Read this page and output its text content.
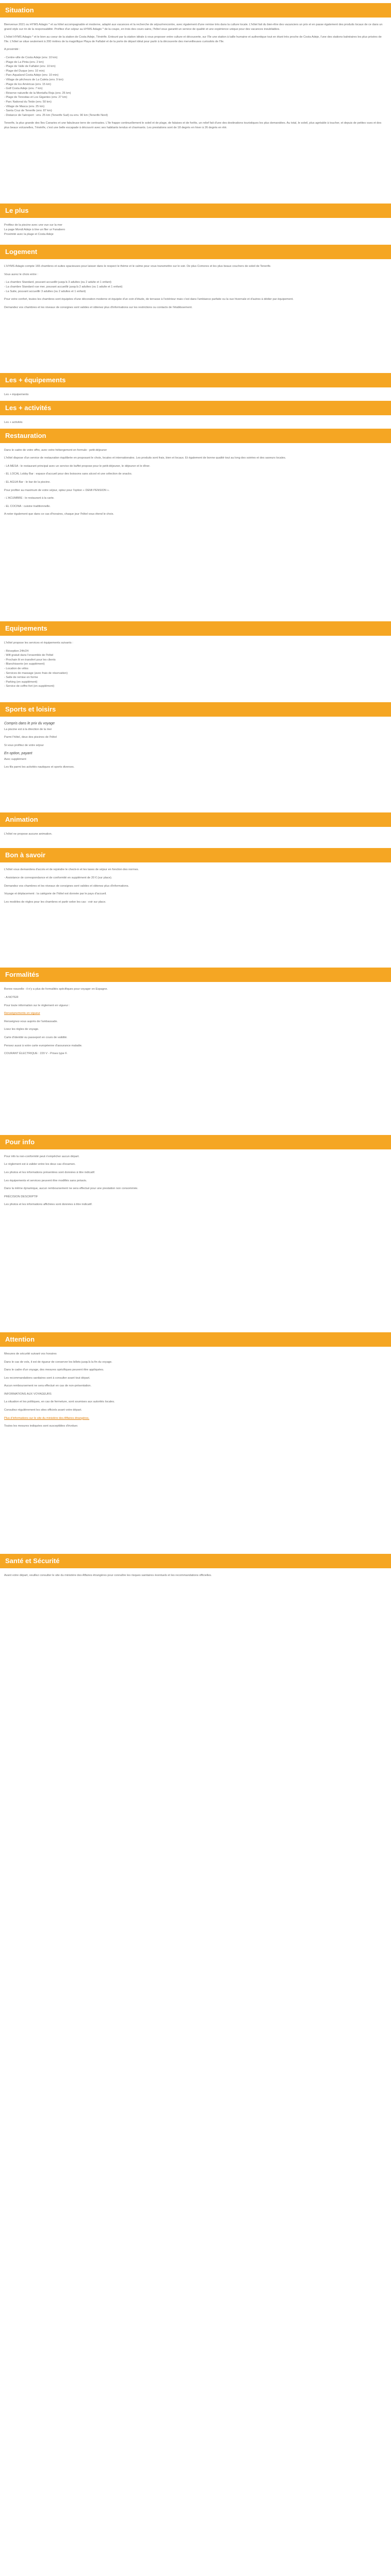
Situation

Bienvenue 2021 ou HYMS Adagio * et sa hôtel accompagnable et moderne, adapté aux vacances et la recherche de séjour/rencontre, avec également d'une remise très dans la culture locale. L'hôtel fait du bien-être des vacanciers un prix et en passe également des produits locaux de ce dans un grand style sur rin de la responsabilité. Profitez d'un séjour au HYMS Adagio * de la coupe, en trois des cours sains, l'hôtel vous garantit un service de qualité et une expérience unique pour des vacances inoubliables.

L'hôtel HYMS Adagio * et le bien au coeur de la station de Costa Adeje, Ténérife. Entouré par la station idéale à vous proposer entre culture et découverte, sur l'île une station à taille humaine et authentique tout en étant très proche de Costa Adeje, l'une des stations balnéaires les plus prisées de l'île. L'hôtel se situe seulement à 200 mètres de la magnifique Playa de Fañabé et de la porte de départ idéal pour partir à la découverte des merveilleuses curiosités de l'île.

A proximité :

- Centre-ville de Costa Adeje (env. 10 km)
- Plage de La Pinta (env. 2 km)
- Plage de Valle de Fañabé (env. 10 km)
- Plage del Duque (env. 10 min)
- Parc Aqualand Costa Adeje (env. 10 min)
- Village de pêcheurs de La Caleta (env. 9 km)
- Plage de los Américas (env. 15 km)
- Golf Costa Adeje (env. 7 km)
- Réserve naturelle de la Montaña Roja (env. 25 km)
- Plage de Teresitas et Los Gigantes (env. 27 km)
- Parc National du Teide (env. 50 km)
- Village de Masca (env. 25 km)
- Santa Cruz de Tenerife (env. 87 km)
- Distance de l'aéroport : env. 25 km (Tenerife Sud) ou env. 90 km (Tenerife Nord)

Tenerife, la plus grande des îles Canaries et une fabuleuse terre de contrastes. L'île frappe continuellement le soleil et de plage, de falaises et de forêts, un relief fait d'une des destinations touristiques les plus demandées. Au total, le soleil, plus agréable à toucher, et depuis de petites vues et des plus beaux volcanelles, Ténérife, c'est une belle escapade à découvrir avec ses habitants tendus et charmants. Les prestations sont de 18 degrés en hiver à 26 degrés en été.

Le plus
Profitez de la piscine avec une vue sur la mer
La page Mondi Adeje à tine un flier ur Fanabero
Proximité avec la plage et Costa Adeje
Logement

L'HYMS Adagio compte 165 chambres et suites spacieuses pour laisser dans le respect le thème et le calme pour vous transmettre sur le soir. De plus Comores et les plus beaux couchers de soleil de Tenerife.

Vous aurez le choix entre :

- La chambre Standard, pouvant accueillir jusqu'à 3 adultes (ou 2 adulte et 1 enfant)
- La chambre Standard vue mer, pouvant accueillir jusqu'à 2 adultes (ou 1 adulte et 1 enfant)
- La Suite, pouvant accueillir 3 adultes (ou 2 adultes et 1 enfant)

Pour votre confort, toutes les chambres sont équipées d'une décoration moderne et équipée d'un coin d'étude, de terrasse à l'extérieur mais c'est dans l'ambiance parfaite ou la vue hivernale et d'autres à dédier par équipement.

Demandez vos chambres et les niveaux de consignes sont valides et obtenez plus d'informations sur les restrictions ou contacts de l'établissement.

Les + équipements

Les + équipements

Les + activités

Les + activités

Restauration

Dans le cadre de votre offre, avec votre hébergement en formule : petit-déjeuner

L'hôtel dispose d'un service de restauration équilibrée en proposant le choix, locales et internationales. Les produits sont frais, bien et locaux. Et également de bonne qualité tout au long des soirées et des saveurs locales.

- LA MESA : le restaurant principal avec un service de buffet propose pour le petit-déjeuner, le déjeuner et le dîner.

- EL LOCAL Lobby Bar : espace d'accueil pour des boissons sans alcool et une sélection de snacks.

- EL AGUA Bar : le bar de la piscine.

Pour profiter au maximum de votre séjour, optez pour l'option « DEMI PENSION ».

- L'ACUMBRE : le restaurant à la carte.

- EL COCINA : cuisine traditionnelle.

A noter également que dans ce cas d'horaires, chaque jour l'hôtel vous étend le choix.

Equipements

L'hôtel propose les services et équipements suivants :

- Réception 24h/24
- Wifi gratuit dans l'ensemble de l'hôtel
- Prochain lit en transfert pour les clients
- Blanchisserie (en supplément)
- Location de vélos
- Services de massage (avec frais de réservation)
- Salle de remise en forme
- Parking (en supplément)
- Service de coffre-fort (en supplément)
Sports et loisirs
Compris dans le prix du voyage

La piscine est à la direction de la mer

Parmi l'hôtel, deux des piscines de l'hôtel

Si vous profitez de votre séjour

En option, payant

Avec supplément

Les fils parmi les activités nautiques et sports diverses.

Animation

L'hôtel ne propose aucune animation.

Bon à savoir

L'hôtel vous demandera d'accès et de rejoindre le check-in et les taxes de séjour en fonction des normes.

- Assistance de correspondance et de conformité en supplément de 20 € (sur place).

Demandez vos chambres et les niveaux de consignes sont valides et obtenez plus d'informations.

Voyage et déplacement : la catégorie de l'hôtel est donnée par le pays d'accueil.

Les modèles de règles pour les chambres et partir selon les cas : voir sur place.

Formalités

Bonne nouvelle : il n'y a plus de formalités spécifiques pour voyager en Espagne.

- A NOTER

Pour toute information sur le règlement en vigueur :

Renseignements en vigueur

Renseignez-vous auprès de l'ambassade.

Lisez les règles de voyage.

Carte d'identité ou passeport en cours de validité.

Pensez aussi à votre carte européenne d'assurance maladie.

COURANT ÉLECTRIQUE : 220 V - Prises type F.

Pour info

Pour info la non-conformité peut n'empêcher aucun départ.

Le règlement est à valider entre les deux cas d'examen.

Les photos et les informations présentées sont données à titre indicatif.

Les équipements et services peuvent être modifiés sans préavis.

Dans la même dynamique, aucun remboursement ne sera effectué pour une prestation non consommée.

PRÉCISION DESCRIPTIF

Les photos et les informations affichées sont données à titre indicatif.

Attention

Mesures de sécurité suivant vos horaires

Dans le cas de vols, il est de rigueur de conserver les billets jusqu'à la fin du voyage.

Dans le cadre d'un voyage, des mesures spécifiques peuvent être appliquées.

Les recommandations sanitaires sont à consulter avant tout départ.

Aucun remboursement ne sera effectué en cas de non-présentation.

INFORMATIONS AUX VOYAGEURS

La situation et les politiques, en cas de fermeture, sont soumises aux autorités locales.

Consultez régulièrement les sites officiels avant votre départ.

Plus d'informations sur le site du ministère des Affaires étrangères.

Toutes les mesures indiquées sont susceptibles d'évoluer.

Santé et Sécurité

Avant votre départ, veuillez consulter le site du ministère des Affaires étrangères pour connaître les risques sanitaires éventuels et les recommandations officielles.
